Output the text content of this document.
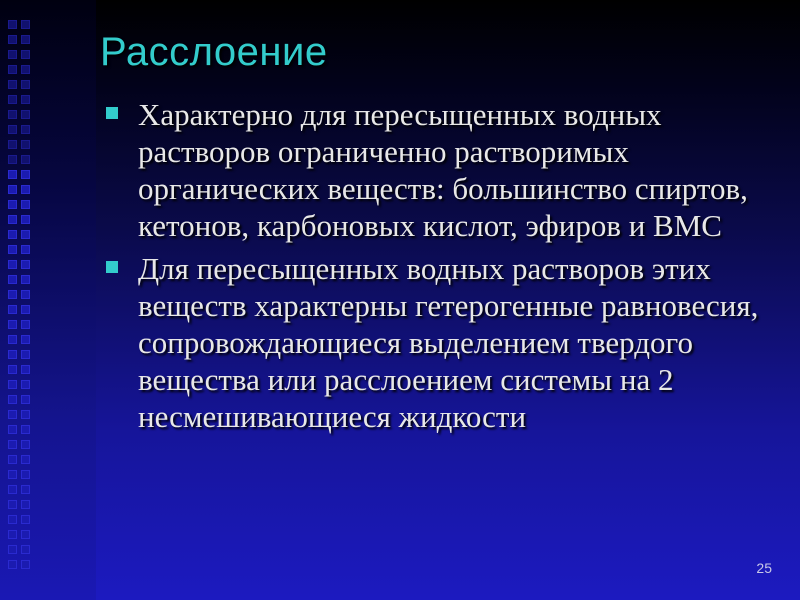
Расслоение
Характерно для пересыщенных водных растворов ограниченно растворимых органических веществ: большинство спиртов, кетонов, карбоновых кислот, эфиров и ВМС
Для пересыщенных водных растворов этих веществ характерны гетерогенные равновесия, сопровождающиеся выделением твердого вещества или расслоением системы на 2 несмешивающиеся жидкости
25
